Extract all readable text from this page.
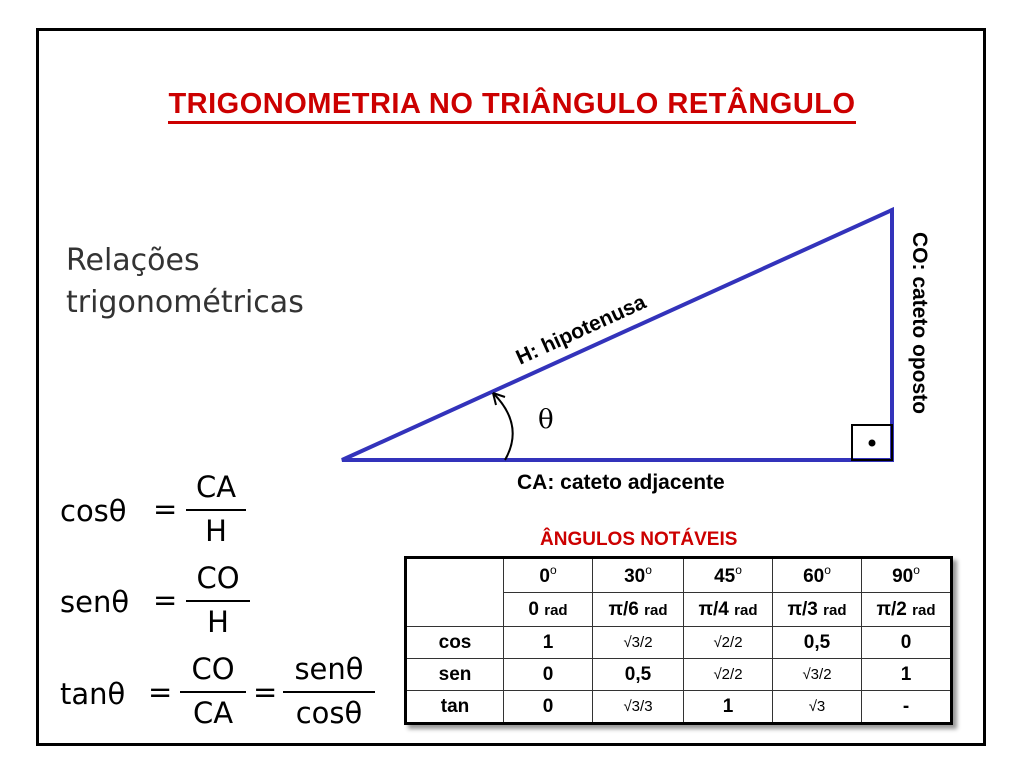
TRIGONOMETRIA NO TRIÂNGULO RETÂNGULO
Relações
trigonométricas
θ
H: hipotenusa
CA: cateto adjacente
CO: cateto oposto
cosθ =
CA
H
senθ =
CO
H
tanθ =
CO
CA
=
senθ
cosθ
ÂNGULOS NOTÁVEIS
	0$^o$	30$^o$	45$^o$	60$^o$	90$^o$
	0 rad	π/6 rad	π/4 rad	π/3 rad	π/2 rad
cos	1	√3/2	√2/2	0,5	0
sen	0	0,5	√2/2	√3/2	1
tan	0	√3/3	1	√3	-
